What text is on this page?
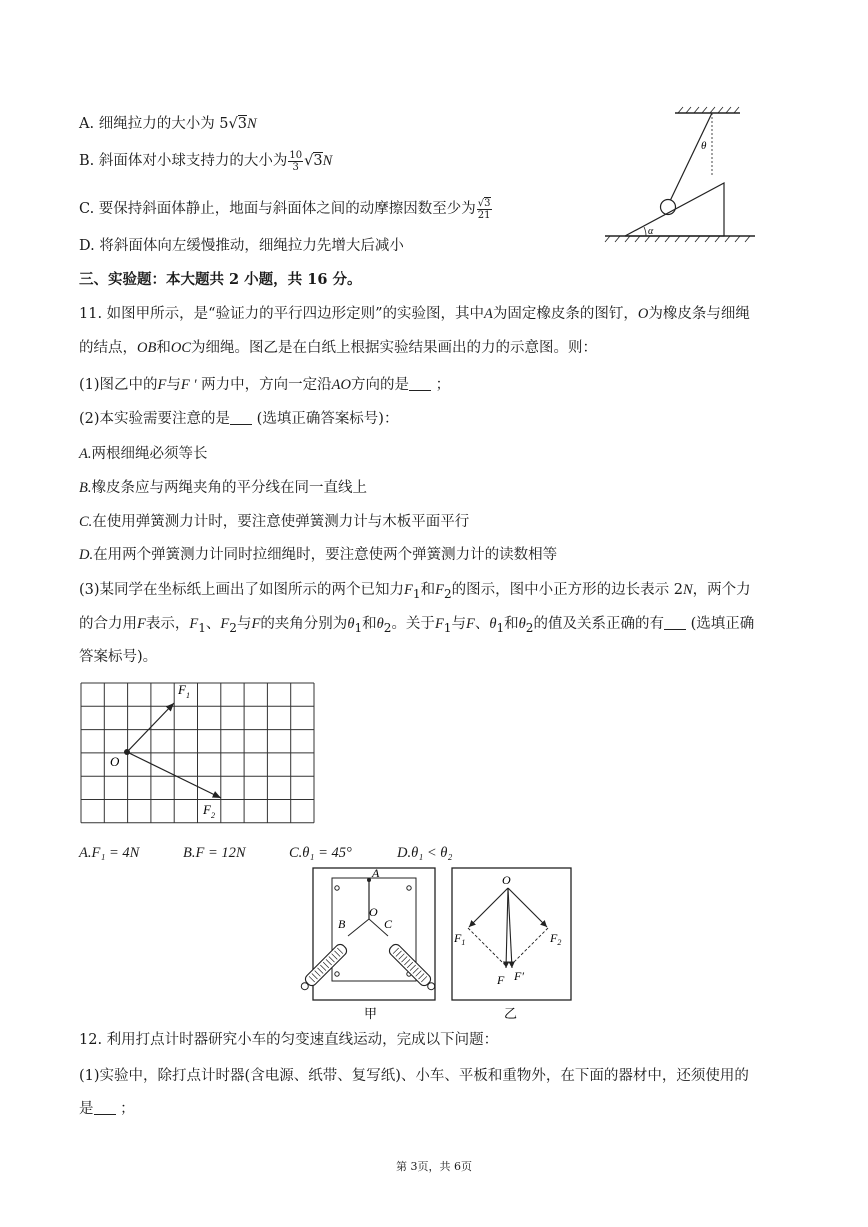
A. 细绳拉力的大小为 5√3N
B. 斜面体对小球支持力的大小为 $\frac{10}{3} √3N$
C. 要保持斜面体静止，地面与斜面体之间的动摩擦因数至少为 $\frac{√3}{21}$
D. 将斜面体向左缓慢推动，细绳拉力先增大后减小
θ
α
三、实验题：本大题共 2 小题，共 16 分。
11. 如图甲所示，是“验证力的平行四边形定则”的实验图，其中A为固定橡皮条的图钉，O为橡皮条与细绳
的结点，OB和OC为细绳。图乙是在白纸上根据实验结果画出的力的示意图。则：
(1)图乙中的F与F ′ 两力中，方向一定沿AO方向的是 ；
(2)本实验需要注意的是 (选填正确答案标号)：
A.两根细绳必须等长
B.橡皮条应与两绳夹角的平分线在同一直线上
C.在使用弹簧测力计时，要注意使弹簧测力计与木板平面平行
D.在用两个弹簧测力计同时拉细绳时，要注意使两个弹簧测力计的读数相等
(3)某同学在坐标纸上画出了如图所示的两个已知力$F_1$和$F_2$的图示，图中小正方形的边长表示 2N，两个力
的合力用F表示，$F_1$、$F_2$与F的夹角分别为$\theta_1$和$\theta_2$。关于$F_1$与F、$\theta_1$和$\theta_2$的值及关系正确的有 (选填正确
答案标号)。
O
$F_1$
$F_2$
A.F₁ = 4N	B.F = 12N	C.θ₁ = 45°	D.θ₁ < θ₂
A
O
B	C
甲
O
$F_1$	$F_2$
F F′
乙
12. 利用打点计时器研究小车的匀变速直线运动，完成以下问题：
(1)实验中，除打点计时器(含电源、纸带、复写纸)、小车、平板和重物外，在下面的器材中，还须使用的
是 ；
第 3页，共 6页
